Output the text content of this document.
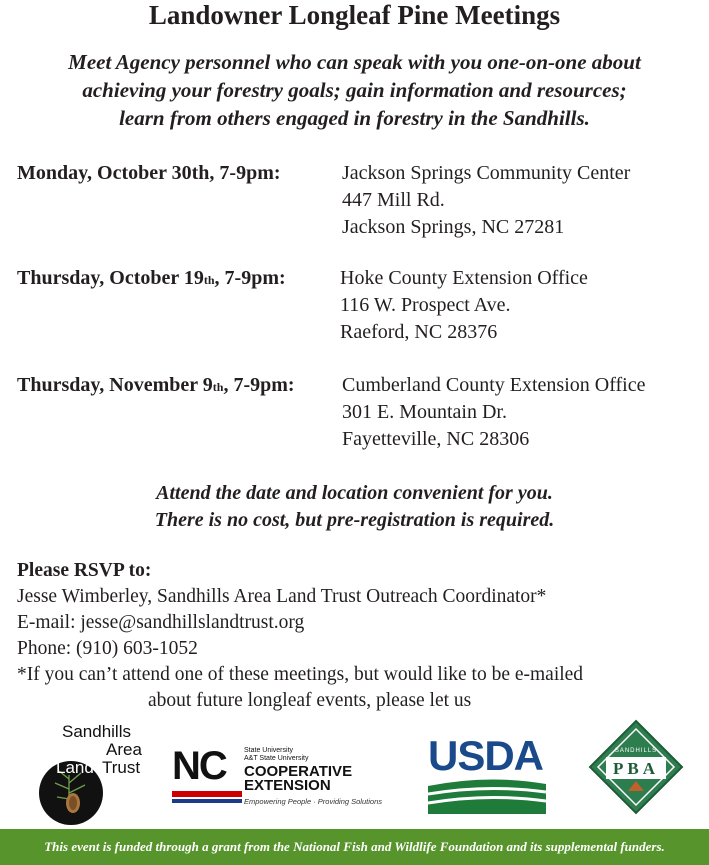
Landowner Longleaf Pine Meetings
Meet Agency personnel who can speak with you one-on-one about
achieving your forestry goals; gain information and resources;
learn from others engaged in forestry in the Sandhills.
Monday, October 30th, 7-9pm:	Jackson Springs Community Center
447 Mill Rd.
Jackson Springs, NC 27281
Thursday, October 19th, 7-9pm:	Hoke County Extension Office
116 W. Prospect Ave.
Raeford, NC 28376
Thursday, November 9th, 7-9pm: Cumberland County Extension Office
301 E. Mountain Dr.
Fayetteville, NC 28306
Attend the date and location convenient for you.
There is no cost, but pre-registration is required.
Please RSVP to:
Jesse Wimberley, Sandhills Area Land Trust Outreach Coordinator*
E-mail: jesse@sandhillslandtrust.org
Phone: (910) 603-1052
*If you can’t attend one of these meetings, but would like to be e-mailed
about future longleaf events, please let us
Sandhills
Area
Land Trust NC	State University
A&T State University
COOPERATIVE
EXTENSION
Empowering People · Providing Solutions
USDA	PBA
SANDHILLS
This event is funded through a grant from the National Fish and Wildlife Foundation and its supplemental funders.
